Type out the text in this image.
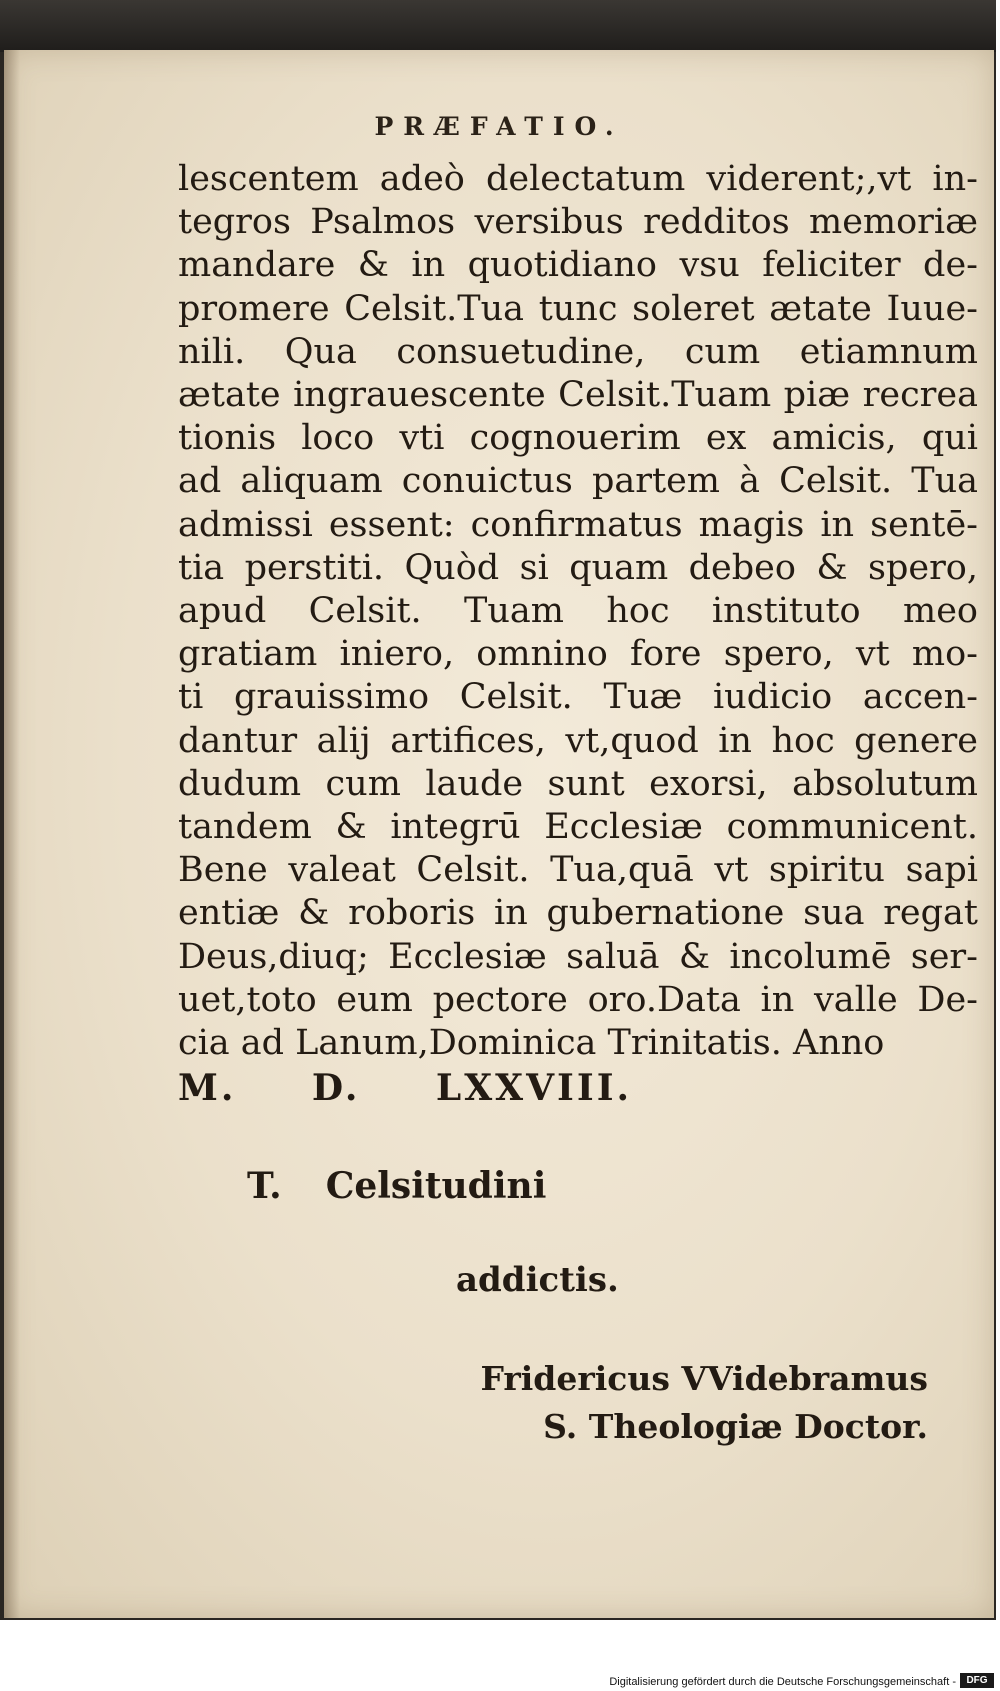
PRÆFATIO.
lescentem adeò delectatum viderent;,vt in-
tegros Psalmos versibus redditos memoriæ
mandare & in quotidiano vsu feliciter de-
promere Celsit.Tua tunc soleret ætate Iuue-
nili. Qua consuetudine, cum etiamnum
ætate ingrauescente Celsit.Tuam piæ recrea
tionis loco vti cognouerim ex amicis, qui
ad aliquam conuictus partem à Celsit. Tua
admissi essent: confirmatus magis in sentē-
tia perstiti. Quòd si quam debeo & spero,
apud Celsit. Tuam hoc instituto meo
gratiam iniero, omnino fore spero, vt mo-
ti grauissimo Celsit. Tuæ iudicio accen-
dantur alij artifices, vt,quod in hoc genere
dudum cum laude sunt exorsi, absolutum
tandem & integrū Ecclesiæ communicent.
Bene valeat Celsit. Tua,quā vt spiritu sapi
entiæ & roboris in gubernatione sua regat
Deus,diuq; Ecclesiæ saluā & incolumē ser-
uet,toto eum pectore oro.Data in valle De-
cia ad Lanum,Dominica Trinitatis. Anno
M. D. LXXVIII.
T. Celsitudini
addictis.
Fridericus VVidebramus
S. Theologiæ Doctor.
Digitalisierung gefördert durch die Deutsche Forschungsgemeinschaft -	DFG
